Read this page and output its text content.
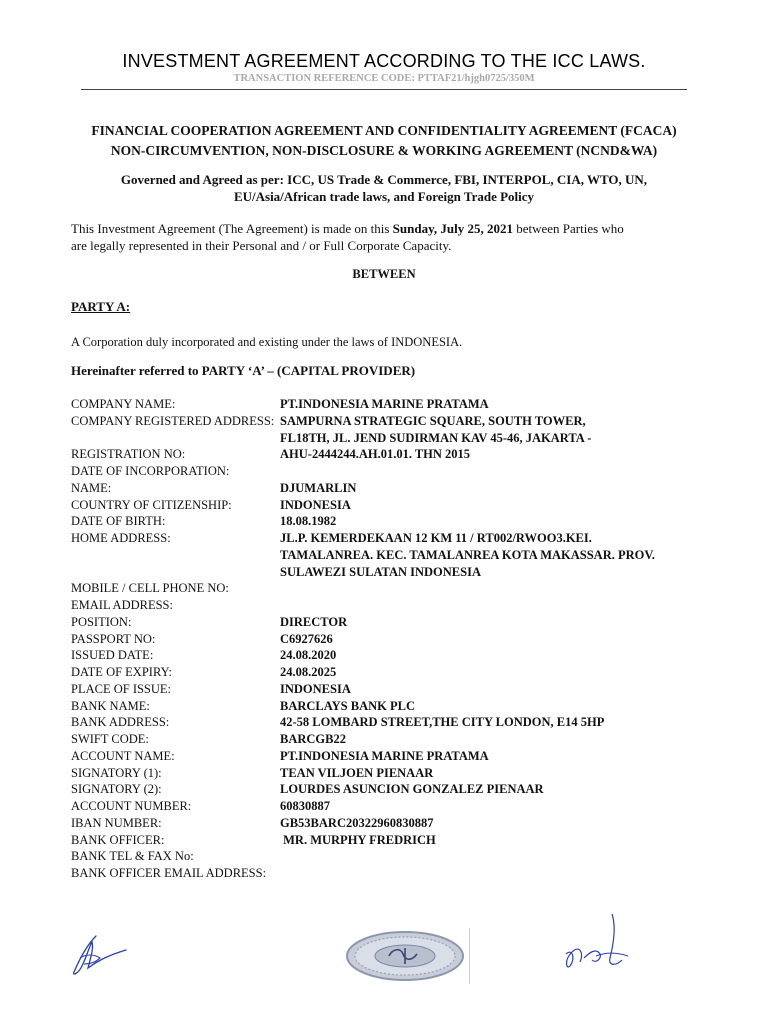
INVESTMENT AGREEMENT ACCORDING TO THE ICC LAWS.
TRANSACTION REFERENCE CODE: PTTAF21/hjgh0725/350M
FINANCIAL COOPERATION AGREEMENT AND CONFIDENTIALITY AGREEMENT (FCACA)
NON-CIRCUMVENTION, NON-DISCLOSURE & WORKING AGREEMENT (NCND&WA)
Governed and Agreed as per: ICC, US Trade & Commerce, FBI, INTERPOL, CIA, WTO, UN,
EU/Asia/African trade laws, and Foreign Trade Policy
This Investment Agreement (The Agreement) is made on this Sunday, July 25, 2021 between Parties who
are legally represented in their Personal and / or Full Corporate Capacity.
BETWEEN
PARTY A:
A Corporation duly incorporated and existing under the laws of INDONESIA.
Hereinafter referred to PARTY ‘A’ – (CAPITAL PROVIDER)
COMPANY NAME:	PT.INDONESIA MARINE PRATAMA
COMPANY REGISTERED ADDRESS: SAMPURNA STRATEGIC SQUARE, SOUTH TOWER,
FL18TH, JL. JEND SUDIRMAN KAV 45-46, JAKARTA -
REGISTRATION NO:	AHU-2444244.AH.01.01. THN 2015
DATE OF INCORPORATION:
NAME:	DJUMARLIN
COUNTRY OF CITIZENSHIP:	INDONESIA
DATE OF BIRTH:	18.08.1982
HOME ADDRESS:	JL.P. KEMERDEKAAN 12 KM 11 / RT002/RWOO3.KEI.
TAMALANREA. KEC. TAMALANREA KOTA MAKASSAR. PROV.
SULAWEZI SULATAN INDONESIA
MOBILE / CELL PHONE NO:
EMAIL ADDRESS:
POSITION:	DIRECTOR
PASSPORT NO:	C6927626
ISSUED DATE:	24.08.2020
DATE OF EXPIRY:	24.08.2025
PLACE OF ISSUE:	INDONESIA
BANK NAME:	BARCLAYS BANK PLC
BANK ADDRESS:	42-58 LOMBARD STREET,THE CITY LONDON, E14 5HP
SWIFT CODE:	BARCGB22
ACCOUNT NAME:	PT.INDONESIA MARINE PRATAMA
SIGNATORY (1):	TEAN VILJOEN PIENAAR
SIGNATORY (2):	LOURDES ASUNCION GONZALEZ PIENAAR
ACCOUNT NUMBER:	60830887
IBAN NUMBER:	GB53BARC20322960830887
BANK OFFICER:	MR. MURPHY FREDRICH
BANK TEL & FAX No:
BANK OFFICER EMAIL ADDRESS:
